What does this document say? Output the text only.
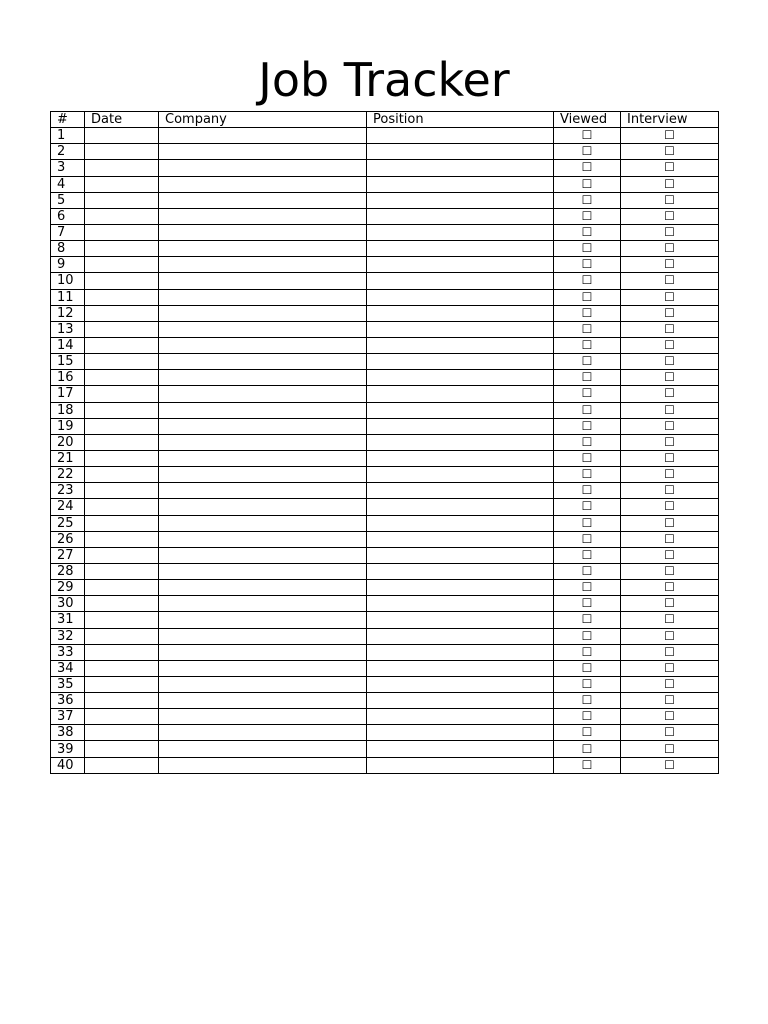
Job Tracker
#	Date	Company	Position	Viewed	Interview
1				☐	☐
2				☐	☐
3				☐	☐
4				☐	☐
5				☐	☐
6				☐	☐
7				☐	☐
8				☐	☐
9				☐	☐
10				☐	☐
11				☐	☐
12				☐	☐
13				☐	☐
14				☐	☐
15				☐	☐
16				☐	☐
17				☐	☐
18				☐	☐
19				☐	☐
20				☐	☐
21				☐	☐
22				☐	☐
23				☐	☐
24				☐	☐
25				☐	☐
26				☐	☐
27				☐	☐
28				☐	☐
29				☐	☐
30				☐	☐
31				☐	☐
32				☐	☐
33				☐	☐
34				☐	☐
35				☐	☐
36				☐	☐
37				☐	☐
38				☐	☐
39				☐	☐
40				☐	☐
